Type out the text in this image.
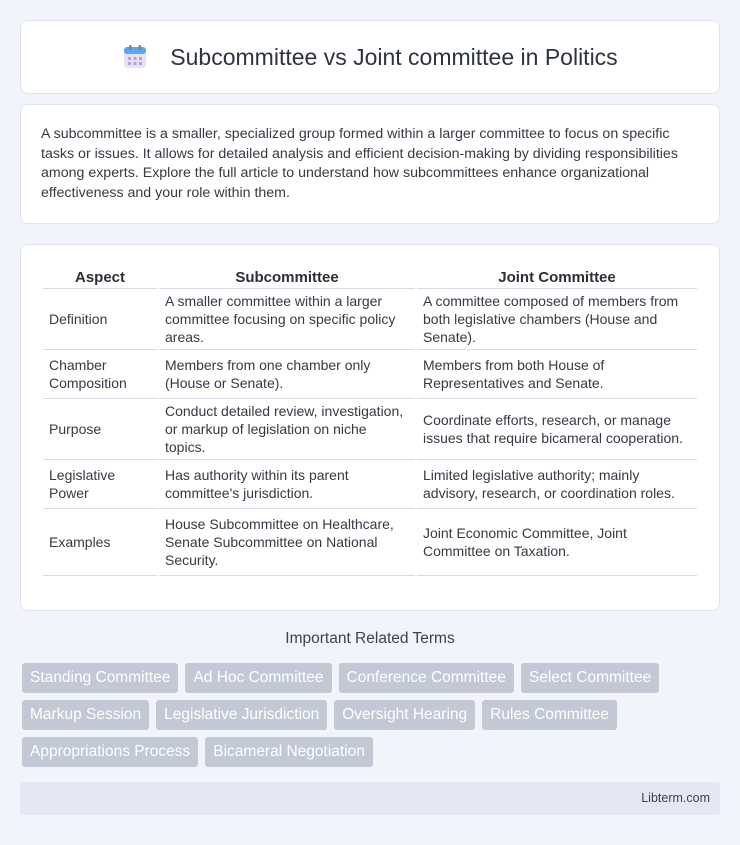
Subcommittee vs Joint committee in Politics

A subcommittee is a smaller, specialized group formed within a larger committee to focus on specific tasks or issues. It allows for detailed analysis and efficient decision-making by dividing responsibilities among experts. Explore the full article to understand how subcommittees enhance organizational effectiveness and your role within them.

Aspect	Subcommittee	Joint Committee
Definition	A smaller committee within a larger committee focusing on specific policy areas.	A committee composed of members from both legislative chambers (House and Senate).
Chamber Composition	Members from one chamber only (House or Senate).	Members from both House of Representatives and Senate.
Purpose	Conduct detailed review, investigation, or markup of legislation on niche topics.	Coordinate efforts, research, or manage issues that require bicameral cooperation.
Legislative Power	Has authority within its parent committee's jurisdiction.	Limited legislative authority; mainly advisory, research, or coordination roles.
Examples	House Subcommittee on Healthcare, Senate Subcommittee on National Security.	Joint Economic Committee, Joint Committee on Taxation.
Important Related Terms
Standing Committee	Ad Hoc Committee	Conference Committee	Select Committee
Markup Session	Legislative Jurisdiction	Oversight Hearing	Rules Committee
Appropriations Process	Bicameral Negotiation
Libterm.com
